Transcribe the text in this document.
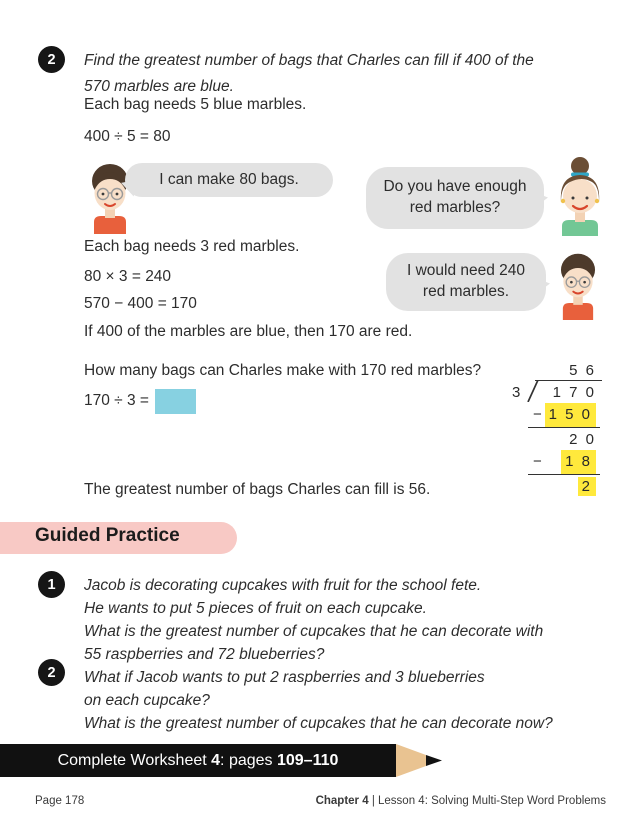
2 Find the greatest number of bags that Charles can fill if 400 of the
570 marbles are blue.
Each bag needs 5 blue marbles.
400 ÷ 5 = 80
I can make 80 bags.	Do you have enough red marbles?
Each bag needs 3 red marbles.
80 × 3 = 240
570 − 400 = 170
I would need 240 red marbles.
If 400 of the marbles are blue, then 170 are red.
How many bags can Charles make with 170 red marbles?
170 ÷ 3 =
5 6
3 1 7 0
− 1 5 0
2 0
− 1 8
2
The greatest number of bags Charles can fill is 56.
Guided Practice
1 Jacob is decorating cupcakes with fruit for the school fete.
He wants to put 5 pieces of fruit on each cupcake.
What is the greatest number of cupcakes that he can decorate with
55 raspberries and 72 blueberries?
2 What if Jacob wants to put 2 raspberries and 3 blueberries
on each cupcake?
What is the greatest number of cupcakes that he can decorate now?
Complete Worksheet 4 : pages 109–110
Page 178	Chapter 4 | Lesson 4: Solving Multi-Step Word Problems
